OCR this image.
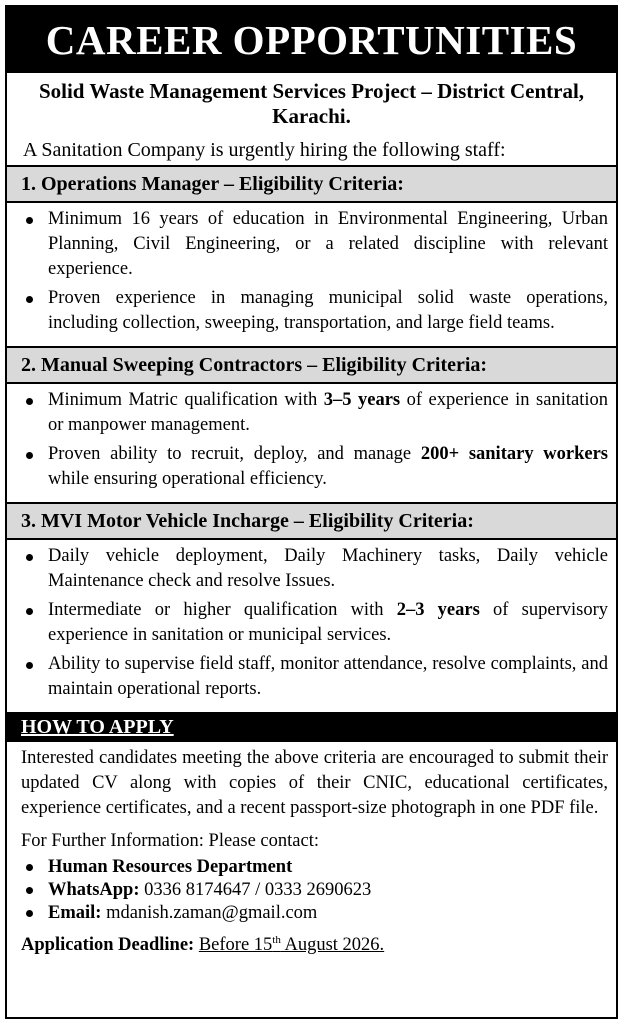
CAREER OPPORTUNITIES
Solid Waste Management Services Project – District Central, Karachi.
A Sanitation Company is urgently hiring the following staff:
1. Operations Manager – Eligibility Criteria:
Minimum 16 years of education in Environmental Engineering, Urban Planning, Civil Engineering, or a related discipline with relevant experience.
Proven experience in managing municipal solid waste operations, including collection, sweeping, transportation, and large field teams.
2. Manual Sweeping Contractors – Eligibility Criteria:
Minimum Matric qualification with 3–5 years of experience in sanitation or manpower management.
Proven ability to recruit, deploy, and manage 200+ sanitary workers while ensuring operational efficiency.
3. MVI Motor Vehicle Incharge – Eligibility Criteria:
Daily vehicle deployment, Daily Machinery tasks, Daily vehicle Maintenance check and resolve Issues.
Intermediate or higher qualification with 2–3 years of supervisory experience in sanitation or municipal services.
Ability to supervise field staff, monitor attendance, resolve complaints, and maintain operational reports.
HOW TO APPLY

Interested candidates meeting the above criteria are encouraged to submit their updated CV along with copies of their CNIC, educational certificates, experience certificates, and a recent passport-size photograph in one PDF file.

For Further Information: Please contact:

Human Resources Department
WhatsApp: 0336 8174647 / 0333 2690623
Email: mdanish.zaman@gmail.com

Application Deadline: Before 15th August 2026.
